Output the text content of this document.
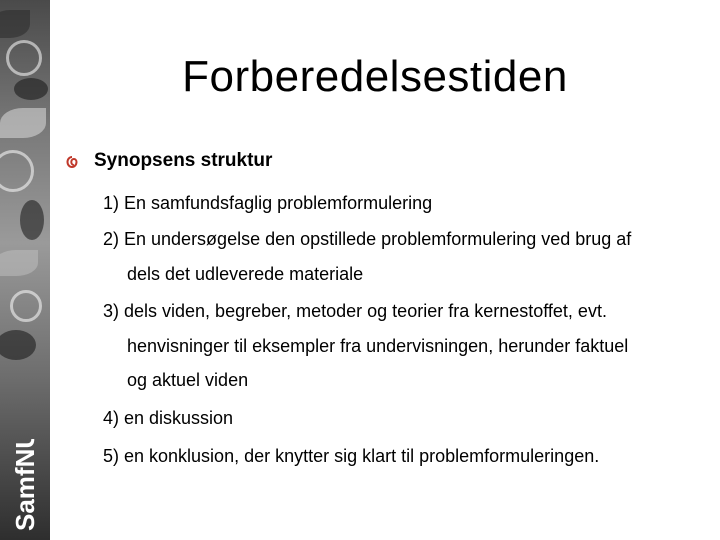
SamfNU
Forberedelsestiden
Synopsens struktur
1) En samfundsfaglig problemformulering
2) En undersøgelse den opstillede problemformulering ved brug af
dels det udleverede materiale
3) dels viden, begreber, metoder og teorier fra kernestoffet, evt.
henvisninger til eksempler fra undervisningen, herunder faktuel
og aktuel viden
4) en diskussion
5) en konklusion, der knytter sig klart til problemformuleringen.
